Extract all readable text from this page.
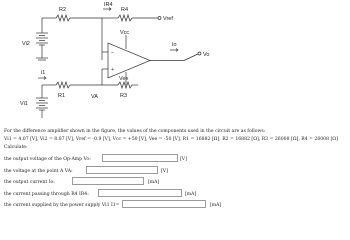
−
+
R2
IR4
R4
Vref
Vcc
Io
Vo
Vee
Vi2
i1
R1	VA	R3
Vi1
For the difference amplifier shown in the figure, the values of the components used in the circuit are as follows:
Vi1 = 4.07 [V], Vi2 = 8.87 [V], Vref = -0.9 [V], Vcc = +50 [V], Vee = -50 [V], R1 = 16882 [Ω], R2 = 16882 [Ω], R3 = 26008 [Ω], R4 = 26008 [Ω]
Calculate:
the output voltage of the Op-Amp Vo:	[V]
the voltage at the point A VA:	[V]
the output current Io:	[mA]
the current passing through R4 IR4:	[mA]
the current supplied by the power supply Vi1 I1=	[mA]
